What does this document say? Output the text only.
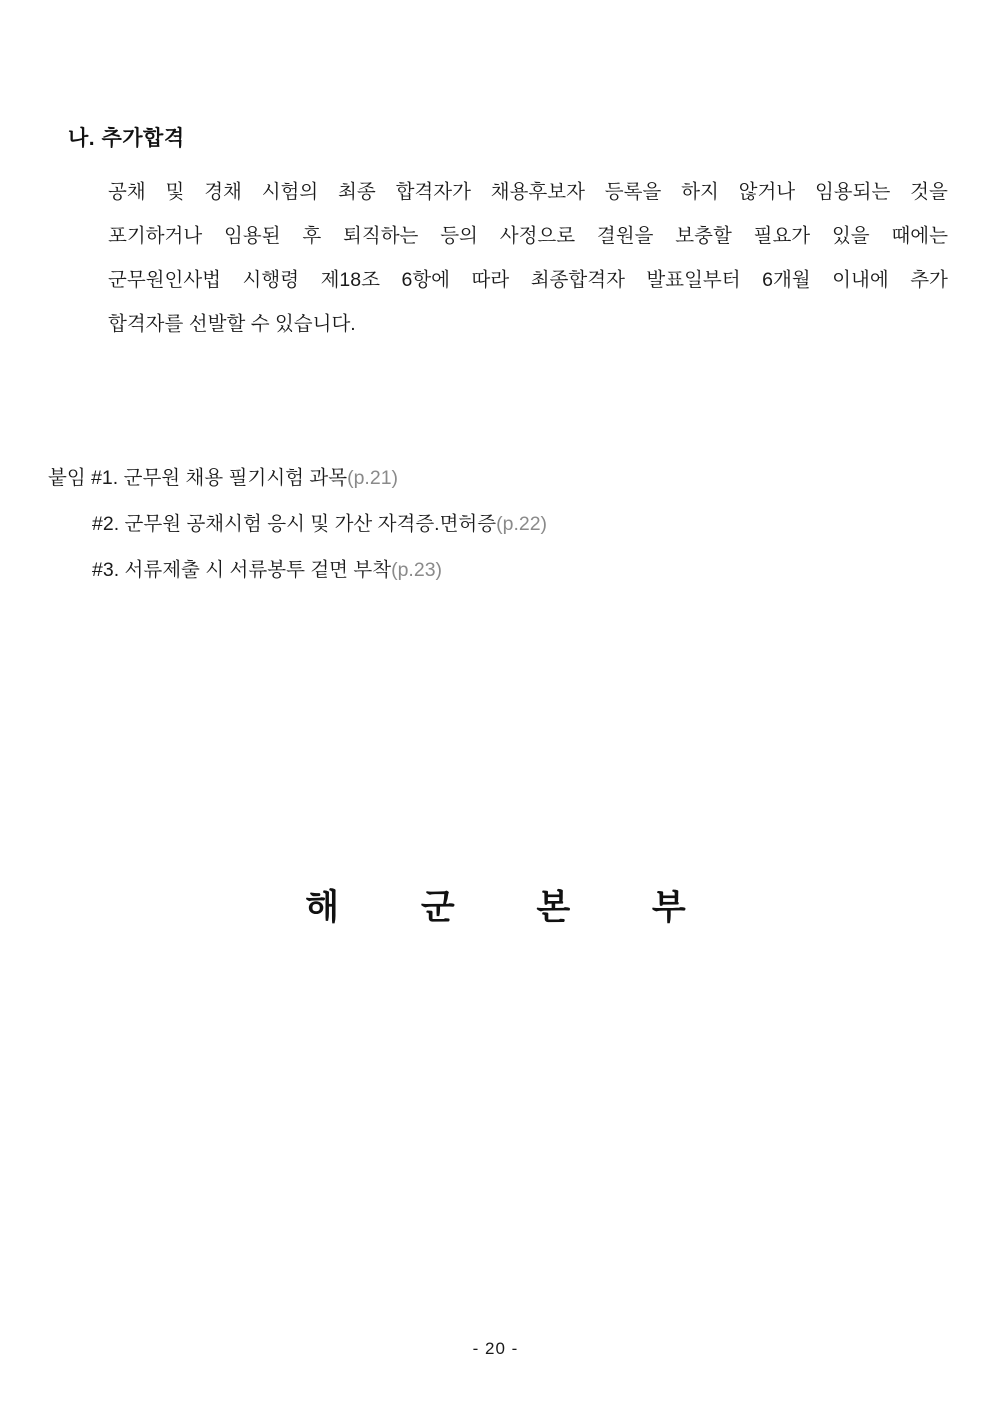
나. 추가합격
공채 및 경채 시험의 최종 합격자가 채용후보자 등록을 하지 않거나 임용되는 것을
포기하거나 임용된 후 퇴직하는 등의 사정으로 결원을 보충할 필요가 있을 때에는
군무원인사법 시행령 제18조 6항에 따라 최종합격자 발표일부터 6개월 이내에 추가
합격자를 선발할 수 있습니다.
붙임 #1. 군무원 채용 필기시험 과목(p.21)
#2. 군무원 공채시험 응시 및 가산 자격증.면허증(p.22)
#3. 서류제출 시 서류봉투 겉면 부착(p.23)
해 군 본 부
- 20 -
